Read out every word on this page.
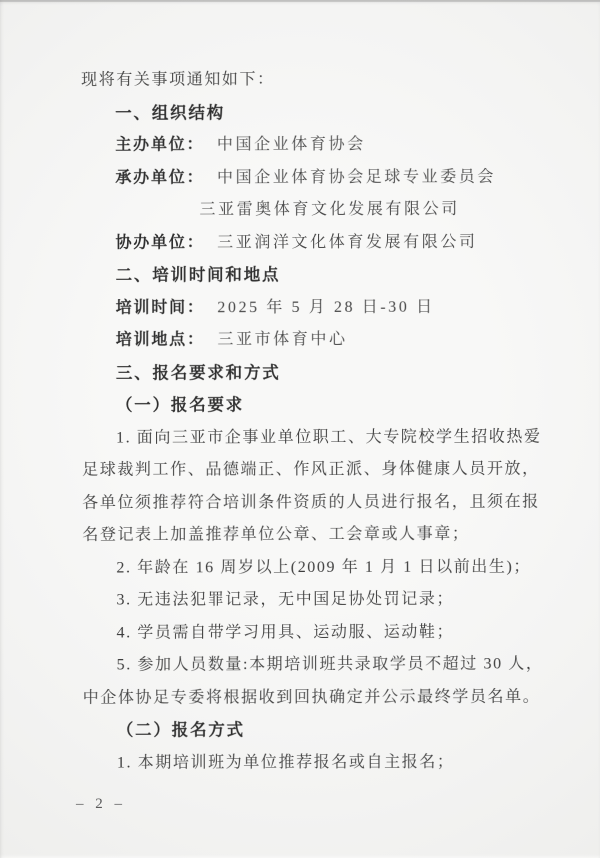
现将有关事项通知如下：

一、组织结构

主办单位： 中国企业体育协会

承办单位： 中国企业体育协会足球专业委员会

三亚雷奥体育文化发展有限公司

协办单位： 三亚润洋文化体育发展有限公司

二、培训时间和地点

培训时间： 2025 年 5 月 28 日-30 日

培训地点： 三亚市体育中心

三、报名要求和方式

（一）报名要求

1. 面向三亚市企事业单位职工、大专院校学生招收热爱

足球裁判工作、品德端正、作风正派、身体健康人员开放，

各单位须推荐符合培训条件资质的人员进行报名，且须在报

名登记表上加盖推荐单位公章、工会章或人事章；

2. 年龄在 16 周岁以上(2009 年 1 月 1 日以前出生)；

3. 无违法犯罪记录，无中国足协处罚记录；

4. 学员需自带学习用具、运动服、运动鞋；

5. 参加人员数量:本期培训班共录取学员不超过 30 人，

中企体协足专委将根据收到回执确定并公示最终学员名单。

（二）报名方式

1. 本期培训班为单位推荐报名或自主报名；

– 2 –
